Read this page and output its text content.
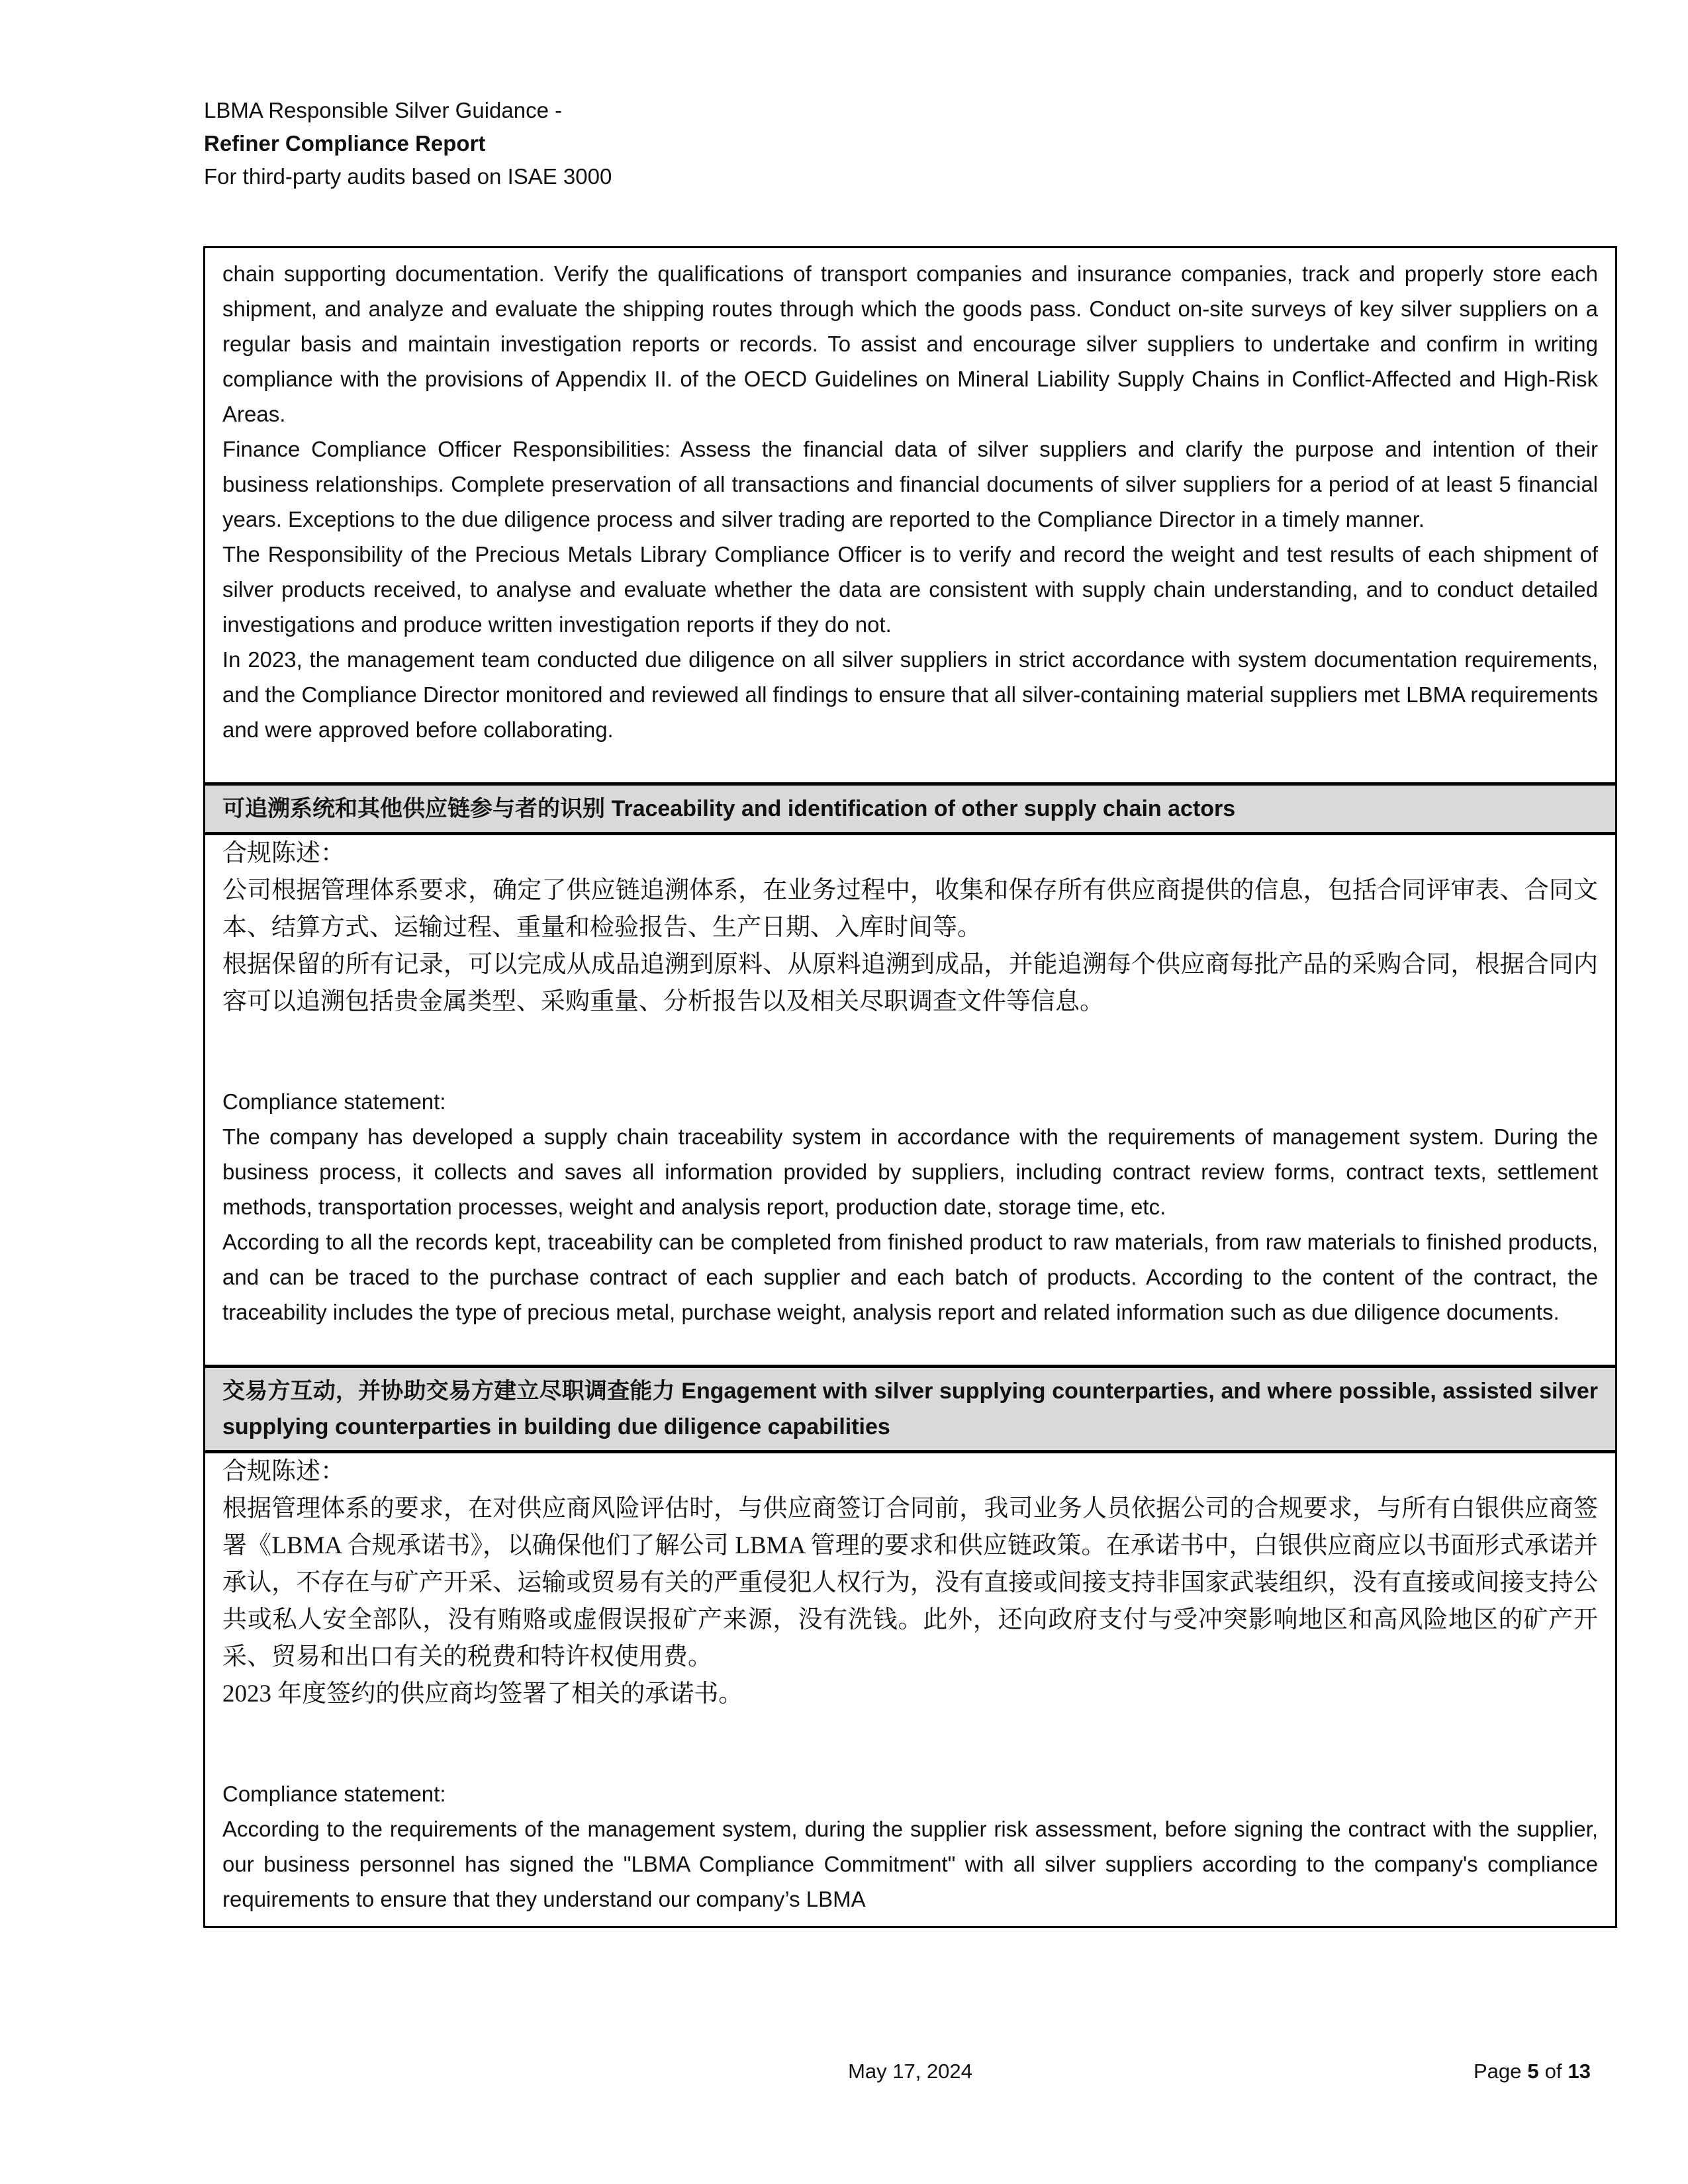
LBMA Responsible Silver Guidance -
Refiner Compliance Report
For third-party audits based on ISAE 3000

chain supporting documentation. Verify the qualifications of transport companies and insurance companies, track and properly store each shipment, and analyze and evaluate the shipping routes through which the goods pass. Conduct on-site surveys of key silver suppliers on a regular basis and maintain investigation reports or records. To assist and encourage silver suppliers to undertake and confirm in writing compliance with the provisions of Appendix II. of the OECD Guidelines on Mineral Liability Supply Chains in Conflict-Affected and High-Risk Areas.

Finance Compliance Officer Responsibilities: Assess the financial data of silver suppliers and clarify the purpose and intention of their business relationships. Complete preservation of all transactions and financial documents of silver suppliers for a period of at least 5 financial years. Exceptions to the due diligence process and silver trading are reported to the Compliance Director in a timely manner.

The Responsibility of the Precious Metals Library Compliance Officer is to verify and record the weight and test results of each shipment of silver products received, to analyse and evaluate whether the data are consistent with supply chain understanding, and to conduct detailed investigations and produce written investigation reports if they do not.

In 2023, the management team conducted due diligence on all silver suppliers in strict accordance with system documentation requirements, and the Compliance Director monitored and reviewed all findings to ensure that all silver-containing material suppliers met LBMA requirements and were approved before collaborating.

可追溯系统和其他供应链参与者的识别 Traceability and identification of other supply chain actors
合规陈述：

公司根据管理体系要求，确定了供应链追溯体系，在业务过程中，收集和保存所有供应商提供的信息，包括合同评审表、合同文本、结算方式、运输过程、重量和检验报告、生产日期、入库时间等。

根据保留的所有记录，可以完成从成品追溯到原料、从原料追溯到成品，并能追溯每个供应商每批产品的采购合同，根据合同内容可以追溯包括贵金属类型、采购重量、分析报告以及相关尽职调查文件等信息。

Compliance statement:

The company has developed a supply chain traceability system in accordance with the requirements of management system. During the business process, it collects and saves all information provided by suppliers, including contract review forms, contract texts, settlement methods, transportation processes, weight and analysis report, production date, storage time, etc.

According to all the records kept, traceability can be completed from finished product to raw materials, from raw materials to finished products, and can be traced to the purchase contract of each supplier and each batch of products. According to the content of the contract, the traceability includes the type of precious metal, purchase weight, analysis report and related information such as due diligence documents.

交易方互动，并协助交易方建立尽职调查能力 Engagement with silver supplying counterparties, and where possible, assisted silver supplying counterparties in building due diligence capabilities
合规陈述：

根据管理体系的要求，在对供应商风险评估时，与供应商签订合同前，我司业务人员依据公司的合规要求，与所有白银供应商签署《LBMA 合规承诺书》，以确保他们了解公司 LBMA 管理的要求和供应链政策。在承诺书中，白银供应商应以书面形式承诺并承认，不存在与矿产开采、运输或贸易有关的严重侵犯人权行为，没有直接或间接支持非国家武装组织，没有直接或间接支持公共或私人安全部队，没有贿赂或虚假误报矿产来源，没有洗钱。此外，还向政府支付与受冲突影响地区和高风险地区的矿产开采、贸易和出口有关的税费和特许权使用费。

2023 年度签约的供应商均签署了相关的承诺书。

Compliance statement:

According to the requirements of the management system, during the supplier risk assessment, before signing the contract with the supplier, our business personnel has signed the "LBMA Compliance Commitment" with all silver suppliers according to the company's compliance requirements to ensure that they understand our company’s LBMA

May 17, 2024	Page 5 of 13
